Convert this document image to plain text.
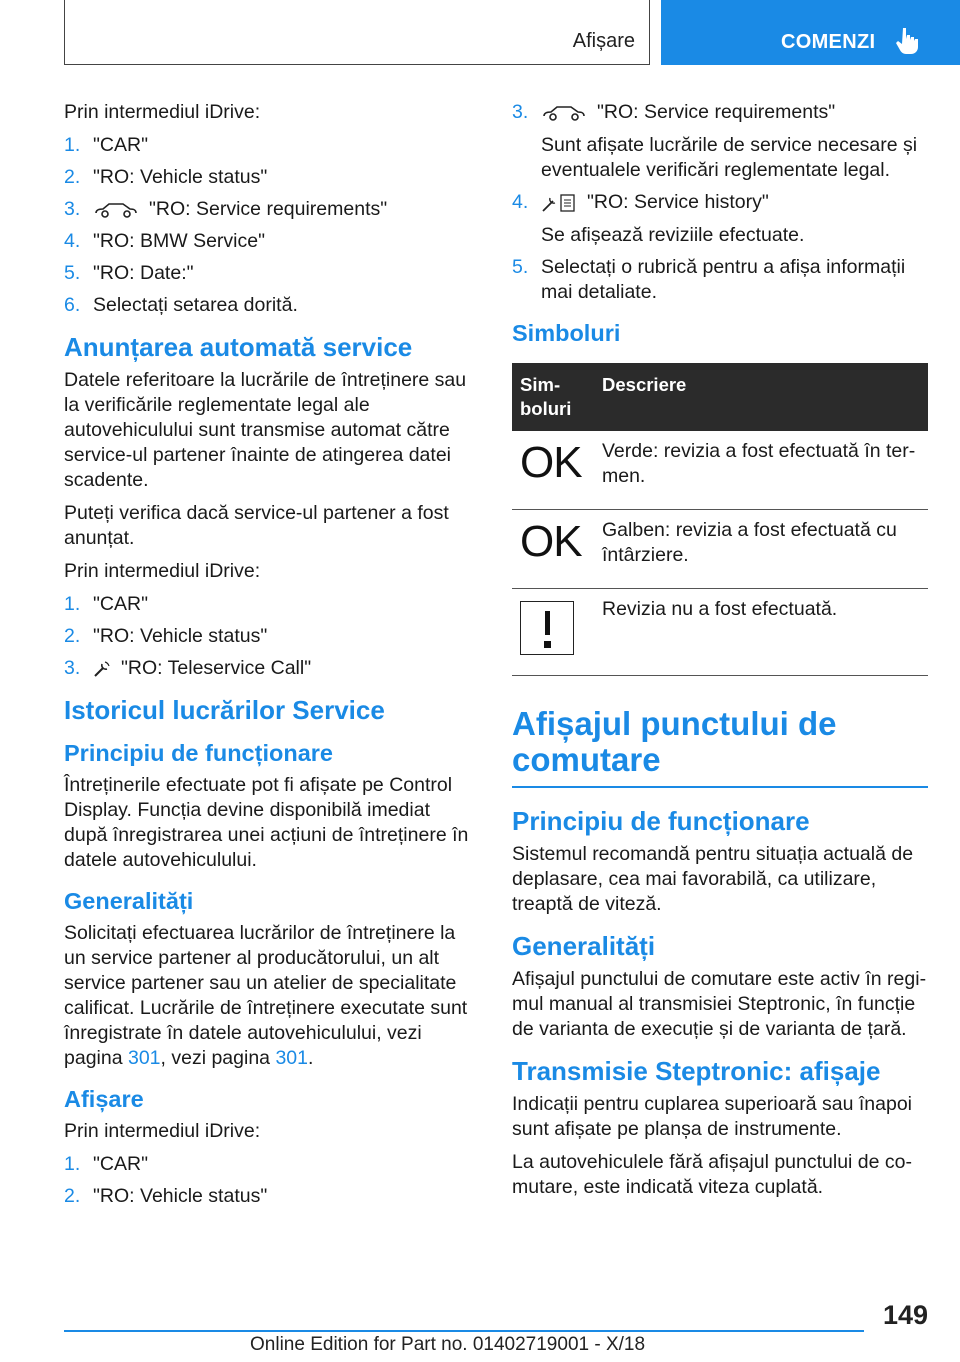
Afișare	COMENZI

Prin intermediul iDrive:

1. "CAR"
2. "RO: Vehicle status"
3.	"RO: Service requirements"
4. "RO: BMW Service"
5. "RO: Date:"
6. Selectați setarea dorită.
Anunțarea automată service

Datele referitoare la lucrările de întreținere sau la verificările reglementate legal ale autovehiculului sunt transmise automat către service-ul partener înainte de atingerea datei scadente.

Puteți verifica dacă service-ul partener a fost anunțat.

Prin intermediul iDrive:

1. "CAR"
2. "RO: Vehicle status"
3. "RO: Teleservice Call"
Istoricul lucrărilor Service
Principiu de funcționare

Întreținerile efectuate pot fi afișate pe Control Display. Funcția devine disponibilă imediat după înregistrarea unei acțiuni de întreținere în datele autovehiculului.

Generalități

Solicitați efectuarea lucrărilor de întreținere la un service partener al producătorului, un alt service partener sau un atelier de specialitate calificat. Lucrările de întreținere executate sunt înregistrate în datele autovehiculului, vezi pagina 301, vezi pagina 301.

Afișare

Prin intermediul iDrive:

1. "CAR"
2. "RO: Vehicle status"
3.	"RO: Service requirements"
Sunt afișate lucrările de service necesare și eventualele verificări reglementate legal.
4.	"RO: Service history"
Se afișează reviziile efectuate.
5. Selectați o rubrică pentru a afișa informații mai detaliate.
Simboluri
Simboluri	Descriere
OK	Verde: revizia a fost efectuată în termen.
OK	Galben: revizia a fost efectuată cu întârziere.

	Revizia nu a fost efectuată.
Afișajul punctului de comutare
Principiu de funcționare

Sistemul recomandă pentru situația actuală de deplasare, cea mai favorabilă, ca utilizare, treaptă de viteză.

Generalități

Afișajul punctului de comutare este activ în regimul manual al transmisiei Steptronic, în funcție de varianta de execuție și de varianta de țară.

Transmisie Steptronic: afișaje

Indicații pentru cuplarea superioară sau înapoi sunt afișate pe planșa de instrumente.

La autovehiculele fără afișajul punctului de comutare, este indicată viteza cuplată.

149
Online Edition for Part no. 01402719001 - X/18
